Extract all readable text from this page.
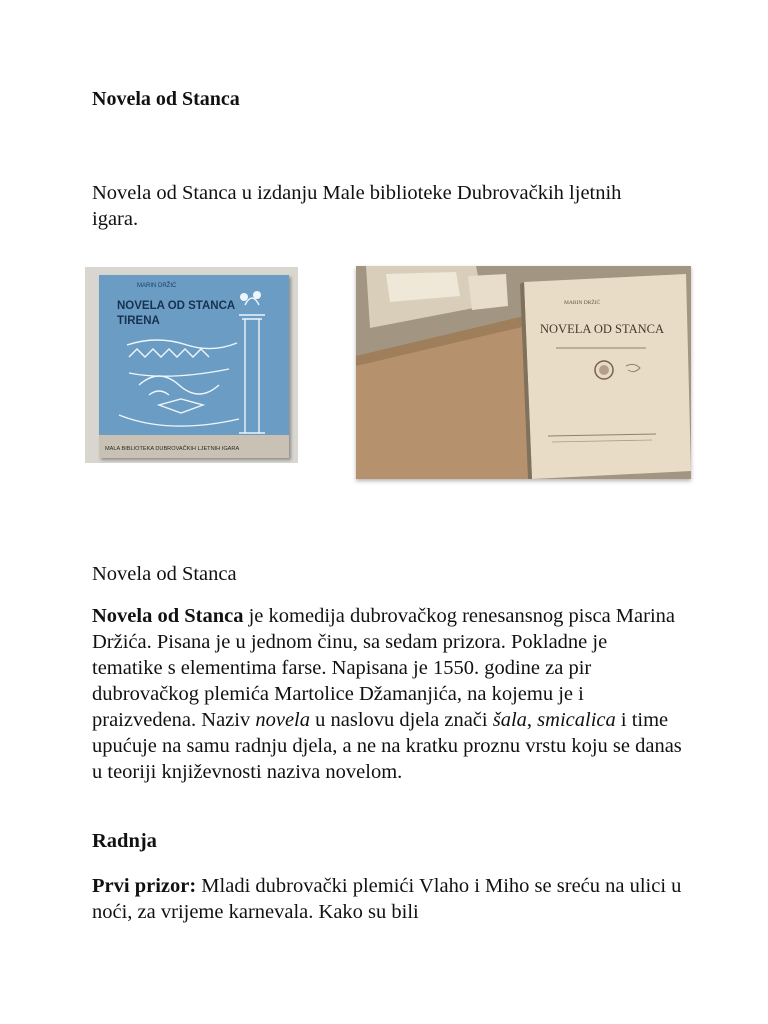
Novela od Stanca

Novela od Stanca u izdanju Male biblioteke Dubrovačkih ljetnih igara.

MARIN DRŽIĆ
NOVELA OD STANCA
TIRENA
MALA BIBLIOTEKA DUBROVAČKIH LJETNIH IGARA

Novela od Stanca

Novela od Stanca je komedija dubrovačkog renesansnog pisca Marina Držića. Pisana je u jednom činu, sa sedam prizora. Pokladne je tematike s elementima farse. Napisana je 1550. godine za pir dubrovačkog plemića Martolice Džamanjića, na kojemu je i praizvedena. Naziv novela u naslovu djela znači šala, smicalica i time upućuje na samu radnju djela, a ne na kratku proznu vrstu koju se danas u teoriji književnosti naziva novelom.

Radnja

Prvi prizor: Mladi dubrovački plemići Vlaho i Miho se sreću na ulici u noći, za vrijeme karnevala. Kako su bili
